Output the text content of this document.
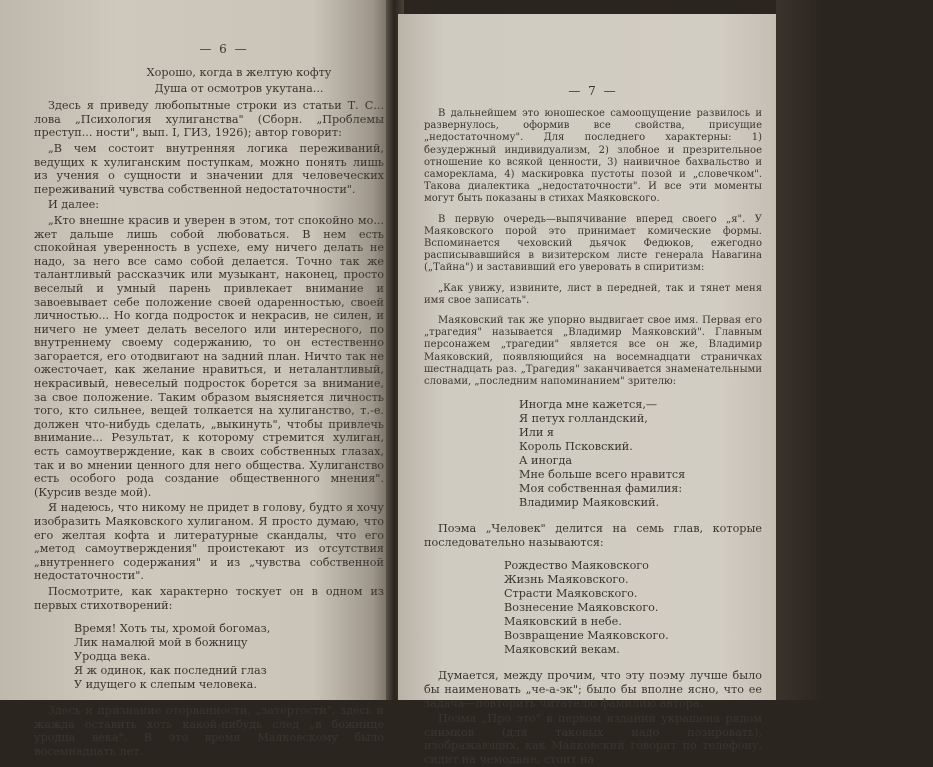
— 6 —

Хорошо, когда в желтую кофту

Душа от осмотров укутана...

Здесь я приведу любопытные строки из статьи Т. С... лова „Психология хулиганства" (Сборн. „Проблемы преступ... ности", вып. I, ГИЗ, 1926); автор говорит:

„В чем состоит внутренняя логика переживаний, ведущих к хулиганским поступкам, можно понять лишь из учения о сущности и значении для человеческих переживаний чувства собственной недостаточности".

И далее:

„Кто внешне красив и уверен в этом, тот спокойно мо... жет дальше лишь собой любоваться. В нем есть спокойная уверенность в успехе, ему ничего делать не надо, за него все само собой делается. Точно так же талантливый рассказчик или музыкант, наконец, просто веселый и умный парень привлекает внимание и завоевывает себе положение своей одаренностью, своей личностью... Но когда подросток и некрасив, не силен, и ничего не умеет делать веселого или интересного, по внутреннему своему содержанию, то он естественно загорается, его отодвигают на задний план. Ничто так не ожесточает, как желание нравиться, и неталантливый, некрасивый, невеселый подросток борется за внимание, за свое положение. Таким образом выясняется личность того, кто сильнее, вещей толкается на хулиганство, т.-е. должен что-нибудь сделать, „выкинуть", чтобы привлечь внимание... Результат, к которому стремится хулиган, есть самоутверждение, как в своих собственных глазах, так и во мнении ценного для него общества. Хулиганство есть особого рода создание общественного мнения". (Курсив везде мой).

Я надеюсь, что никому не придет в голову, будто я хочу изобразить Маяковского хулиганом. Я просто думаю, что его желтая кофта и литературные скандалы, что его „метод самоутверждения" проистекают из отсутствия „внутреннего содержания" и из „чувства собственной недостаточности".

Посмотрите, как характерно тоскует он в одном из первых стихотворений:

Время! Хоть ты, хромой богомаз,
Лик намалюй мой в божницу
Уродца века.
Я ж одинок, как последний глаз
У идущего к слепым человека.

Здесь и признание оторванности, „затертости", здесь и жажда оставить хоть какой-нибудь след „в божнице уродца века". В это время Маяковскому было восемнадцать лет.

— 7 —

В дальнейшем это юношеское самоощущение развилось и развернулось, оформив все свойства, присущие „недостаточному". Для последнего характерны: 1) безудержный индивидуализм, 2) злобное и презрительное отношение ко всякой ценности, 3) наивичное бахвальство и самореклама, 4) маскировка пустоты позой и „словечком". Такова диалектика „недостаточности". И все эти моменты могут быть показаны в стихах Маяковского.

В первую очередь—выпячивание вперед своего „я". У Маяковского порой это принимает комические формы. Вспоминается чеховский дьячок Федюков, ежегодно расписывавшийся в визитерском листе генерала Навагина („Тайна") и заставивший его уверовать в спиритизм:

„Как увижу, извините, лист в передней, так и тянет меня имя свое записать".

Маяковский так же упорно выдвигает свое имя. Первая его „трагедия" называется „Владимир Маяковский". Главным персонажем „трагедии" является все он же, Владимир Маяковский, появляющийся на восемнадцати страничках шестнадцать раз. „Трагедия" заканчивается знаменательными словами, „последним напоминанием" зрителю:

Иногда мне кажется,—
Я петух голландский,
Или я
Король Псковский.
А иногда
Мне больше всего нравится
Моя собственная фамилия:
Владимир Маяковский.

Поэма „Человек" делится на семь глав, которые последовательно называются:

Рождество Маяковского
Жизнь Маяковского.
Страсти Маяковского.
Вознесение Маяковского.
Маяковский в небе.
Возвращение Маяковского.
Маяковский векам.

Думается, между прочим, что эту поэму лучше было бы наименовать „че-а-эк"; было бы вполне ясно, что ее задача—повторить читателю фамилию автора.

Поэма „Про это" в первом издании украшена рядом снимков (для таковых надо позировать), изображающих, как Маяковский говорит по телефону, сидит на чемодане, стоит на
